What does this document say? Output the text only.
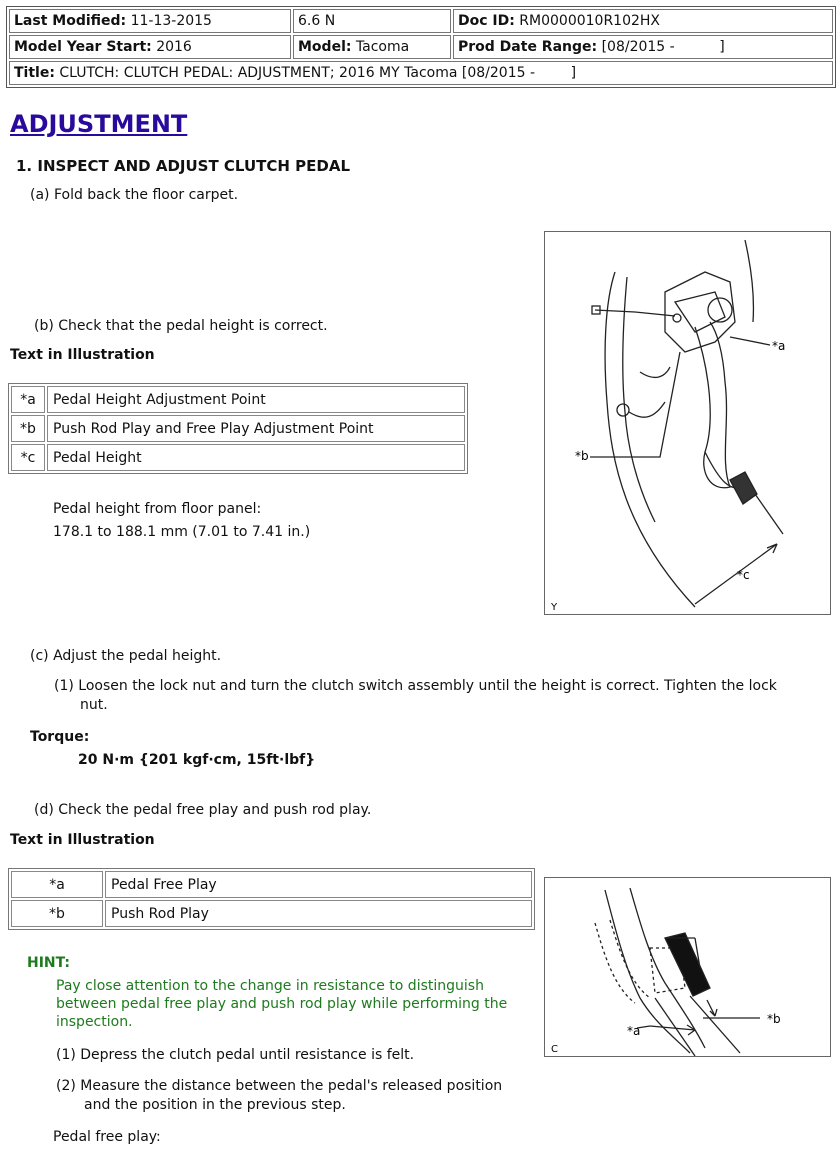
Last Modified: 11-13-2015	6.6 N	Doc ID: RM0000010R102HX
Model Year Start: 2016	Model: Tacoma	Prod Date Range: [08/2015 -          ]
Title: CLUTCH: CLUTCH PEDAL: ADJUSTMENT; 2016 MY Tacoma [08/2015 -        ]		
ADJUSTMENT
1. INSPECT AND ADJUST CLUTCH PEDAL
(a) Fold back the floor carpet.
(b) Check that the pedal height is correct.
Text in Illustration
*a	Pedal Height Adjustment Point
*b	Push Rod Play and Free Play Adjustment Point
*c	Pedal Height
Pedal height from floor panel:
178.1 to 188.1 mm (7.01 to 7.41 in.)
*a
*b
*c
Y
(c) Adjust the pedal height.
(1) Loosen the lock nut and turn the clutch switch assembly until the height is correct. Tighten the lock
nut.
Torque:
20 N·m {201 kgf·cm, 15ft·lbf}
(d) Check the pedal free play and push rod play.
Text in Illustration
*a	Pedal Free Play
*b	Push Rod Play
HINT:
Pay close attention to the change in resistance to distinguish
between pedal free play and push rod play while performing the
inspection.
(1) Depress the clutch pedal until resistance is felt.
(2) Measure the distance between the pedal's released position
and the position in the previous step.
Pedal free play:
*b
*a
C
